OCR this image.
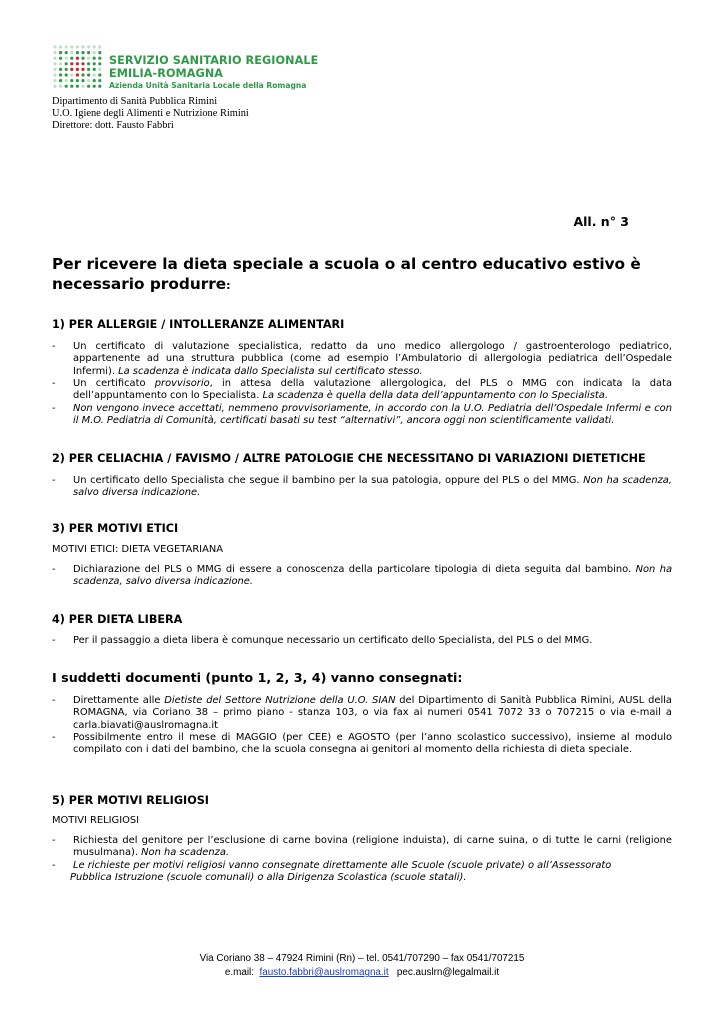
SERVIZIO SANITARIO REGIONALE
EMILIA-ROMAGNA
Azienda Unità Sanitaria Locale della Romagna
Dipartimento di Sanità Pubblica Rimini
U.O. Igiene degli Alimenti e Nutrizione Rimini
Direttore: dott. Fausto Fabbri
All. n° 3
Per ricevere la dieta speciale a scuola o al centro educativo estivo è necessario produrre:
1) PER ALLERGIE / INTOLLERANZE ALIMENTARI
- Un certificato di valutazione specialistica, redatto da uno medico allergologo / gastroenterologo pediatrico, appartenente ad una struttura pubblica (come ad esempio l’Ambulatorio di allergologia pediatrica dell’Ospedale Infermi). La scadenza è indicata dallo Specialista sul certificato stesso.
- Un certificato provvisorio, in attesa della valutazione allergologica, del PLS o MMG con indicata la data dell’appuntamento con lo Specialista. La scadenza è quella della data dell’appuntamento con lo Specialista.
- Non vengono invece accettati, nemmeno provvisoriamente, in accordo con la U.O. Pediatria dell’Ospedale Infermi e con il M.O. Pediatria di Comunità, certificati basati su test “alternativi”, ancora oggi non scientificamente validati.
2) PER CELIACHIA / FAVISMO / ALTRE PATOLOGIE CHE NECESSITANO DI VARIAZIONI DIETETICHE
- Un certificato dello Specialista che segue il bambino per la sua patologia, oppure del PLS o del MMG. Non ha scadenza, salvo diversa indicazione.
3) PER MOTIVI ETICI
MOTIVI ETICI: DIETA VEGETARIANA
- Dichiarazione del PLS o MMG di essere a conoscenza della particolare tipologia di dieta seguita dal bambino. Non ha scadenza, salvo diversa indicazione.
4) PER DIETA LIBERA
- Per il passaggio a dieta libera è comunque necessario un certificato dello Specialista, del PLS o del MMG.
I suddetti documenti (punto 1, 2, 3, 4) vanno consegnati:
- Direttamente alle Dietiste del Settore Nutrizione della U.O. SIAN del Dipartimento di Sanità Pubblica Rimini, AUSL della ROMAGNA, via Coriano 38 – primo piano - stanza 103, o via fax ai numeri 0541 7072 33 o 707215 o via e-mail a carla.biavati@auslromagna.it
- Possibilmente entro il mese di MAGGIO (per CEE) e AGOSTO (per l’anno scolastico successivo), insieme al modulo compilato con i dati del bambino, che la scuola consegna ai genitori al momento della richiesta di dieta speciale.
5) PER MOTIVI RELIGIOSI
MOTIVI RELIGIOSI
- Richiesta del genitore per l’esclusione di carne bovina (religione induista), di carne suina, o di tutte le carni (religione musulmana). Non ha scadenza.
- Le richieste per motivi religiosi vanno consegnate direttamente alle Scuole (scuole private) o all’Assessorato
Pubblica Istruzione (scuole comunali) o alla Dirigenza Scolastica (scuole statali).
Via Coriano 38 – 47924 Rimini (Rn) – tel. 0541/707290 – fax 0541/707215
e.mail: fausto.fabbri@auslromagna.it pec.auslrn@legalmail.it
